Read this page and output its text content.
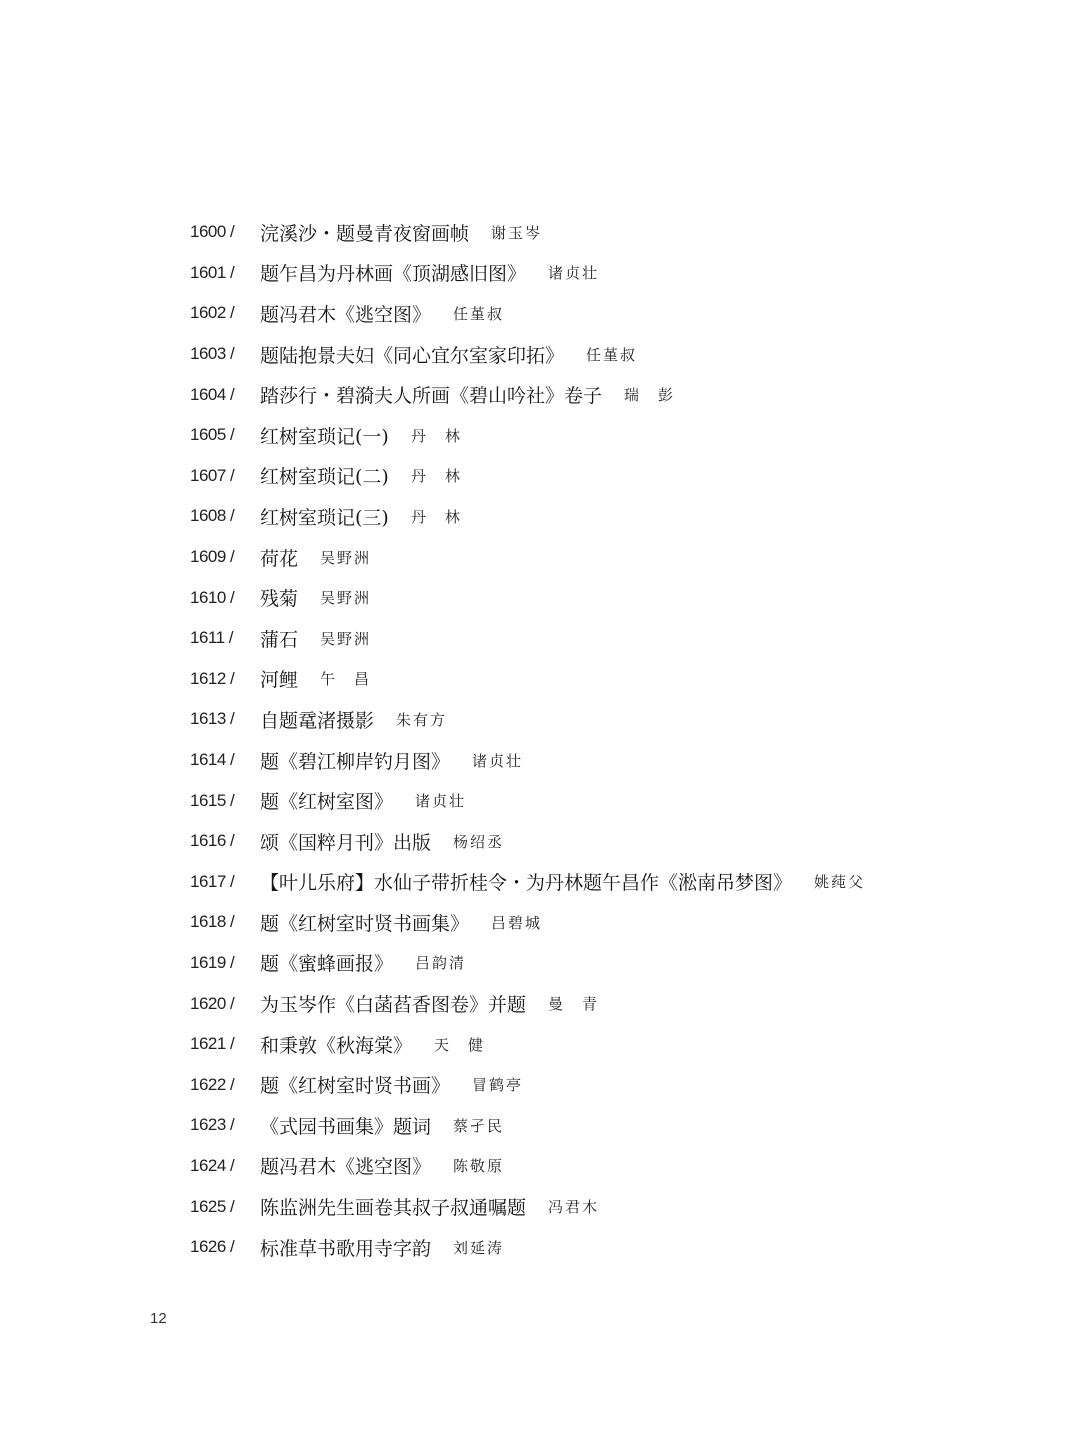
1600 /	浣溪沙・题曼青夜窗画帧 谢玉岑
1601 /	题乍昌为丹林画《顶湖感旧图》 诸贞壮
1602 /	题冯君木《逃空图》 任堇叔
1603 /	题陆抱景夫妇《同心宜尔室家印拓》 任堇叔
1604 /	踏莎行・碧漪夫人所画《碧山吟社》卷子 瑞　彭
1605 /	红树室琐记(一) 丹　林
1607 /	红树室琐记(二) 丹　林
1608 /	红树室琐记(三) 丹　林
1609 /	荷花 吴野洲
1610 /	残菊 吴野洲
1611 /	蒲石 吴野洲
1612 /	河鲤 午　昌
1613 /	自题鼋渚摄影 朱有方
1614 /	题《碧江柳岸钓月图》 诸贞壮
1615 /	题《红树室图》 诸贞壮
1616 /	颂《国粹月刊》出版 杨绍丞
1617 /	【叶儿乐府】水仙子带折桂令・为丹林题午昌作《淞南吊梦图》 姚莼父
1618 /	题《红树室时贤书画集》 吕碧城
1619 /	题《蜜蜂画报》 吕韵清
1620 /	为玉岑作《白菡萏香图卷》并题 曼　青
1621 /	和秉敦《秋海棠》 天　健
1622 /	题《红树室时贤书画》 冒鹤亭
1623 /	《式园书画集》题词 蔡孑民
1624 /	题冯君木《逃空图》 陈敬原
1625 /	陈监洲先生画卷其叔子叔通嘱题 冯君木
1626 /	标准草书歌用寺字韵 刘延涛
12
